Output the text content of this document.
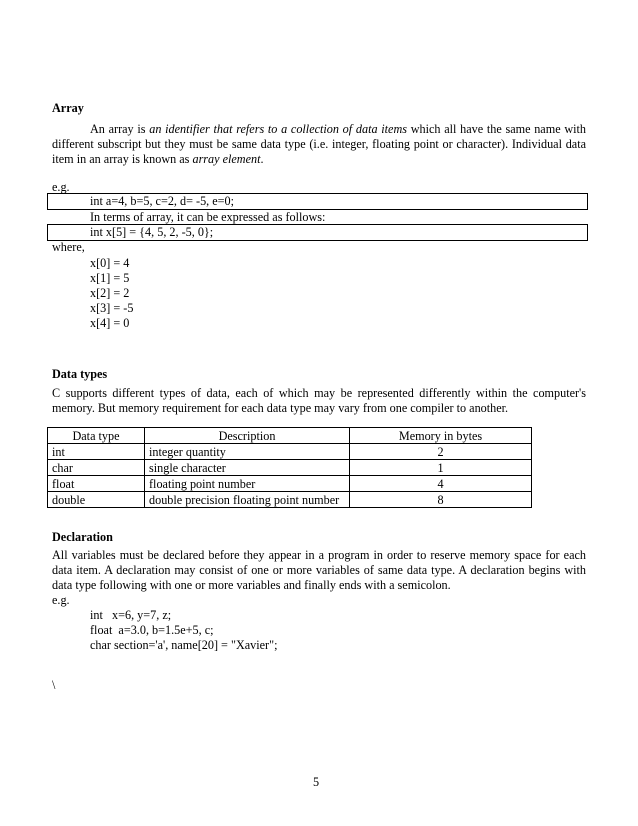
Array
An array is an identifier that refers to a collection of data items which all have the same name with different subscript but they must be same data type (i.e. integer, floating point or character). Individual data item in an array is known as array element.
e.g.
int a=4, b=5, c=2, d= -5, e=0;
In terms of array, it can be expressed as follows:
int x[5] = {4, 5, 2, -5, 0};
where,
x[0] = 4
x[1] = 5
x[2] = 2
x[3] = -5
x[4] = 0
Data types
C supports different types of data, each of which may be represented differently within the computer's memory. But memory requirement for each data type may vary from one compiler to another.
Data type	Description	Memory in bytes
int	integer quantity	2
char	single character	1
float	floating point number	4
double	double precision floating point number	8
Declaration
All variables must be declared before they appear in a program in order to reserve memory space for each data item. A declaration may consist of one or more variables of same data type. A declaration begins with data type following with one or more variables and finally ends with a semicolon.
e.g.
int   x=6, y=7, z;
float  a=3.0, b=1.5e+5, c;
char section='a', name[20] = "Xavier";
\
5
